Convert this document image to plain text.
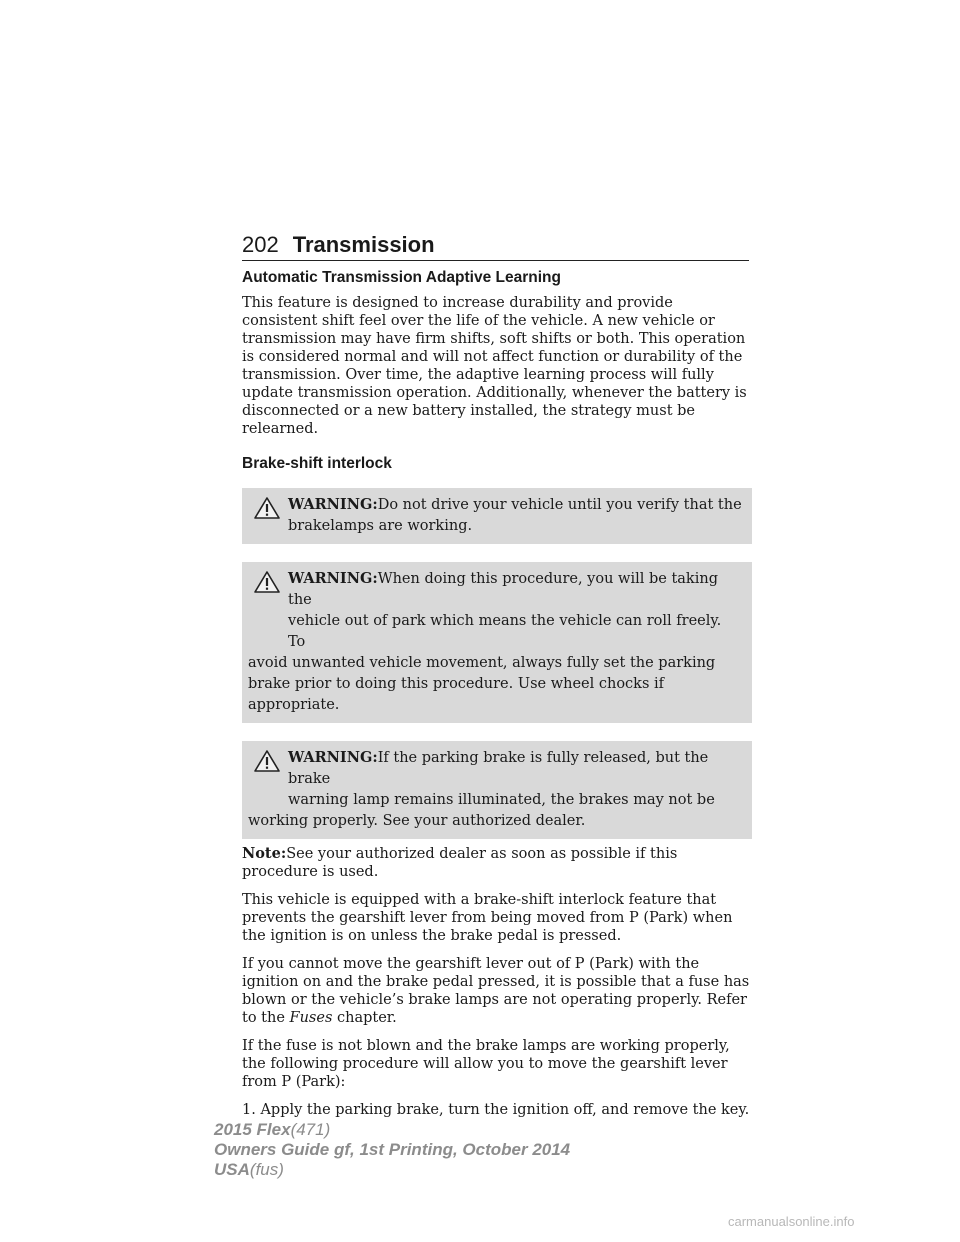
202 Transmission
Automatic Transmission Adaptive Learning

This feature is designed to increase durability and provide consistent shift feel over the life of the vehicle. A new vehicle or transmission may have firm shifts, soft shifts or both. This operation is considered normal and will not affect function or durability of the transmission. Over time, the adaptive learning process will fully update transmission operation. Additionally, whenever the battery is disconnected or a new battery installed, the strategy must be relearned.

Brake-shift interlock
WARNING:Do not drive your vehicle until you verify that the
brakelamps are working.
WARNING:When doing this procedure, you will be taking the
vehicle out of park which means the vehicle can roll freely. To
avoid unwanted vehicle movement, always fully set the parking brake prior to doing this procedure. Use wheel chocks if appropriate.
WARNING:If the parking brake is fully released, but the brake
warning lamp remains illuminated, the brakes may not be
working properly. See your authorized dealer.

Note:See your authorized dealer as soon as possible if this procedure is used.

This vehicle is equipped with a brake-shift interlock feature that prevents the gearshift lever from being moved from P (Park) when the ignition is on unless the brake pedal is pressed.

If you cannot move the gearshift lever out of P (Park) with the ignition on and the brake pedal pressed, it is possible that a fuse has blown or the vehicle’s brake lamps are not operating properly. Refer to the Fuses chapter.

If the fuse is not blown and the brake lamps are working properly, the following procedure will allow you to move the gearshift lever from P (Park):

1. Apply the parking brake, turn the ignition off, and remove the key.

2015 Flex(471)
Owners Guide gf, 1st Printing, October 2014
USA(fus)
carmanualsonline.info
